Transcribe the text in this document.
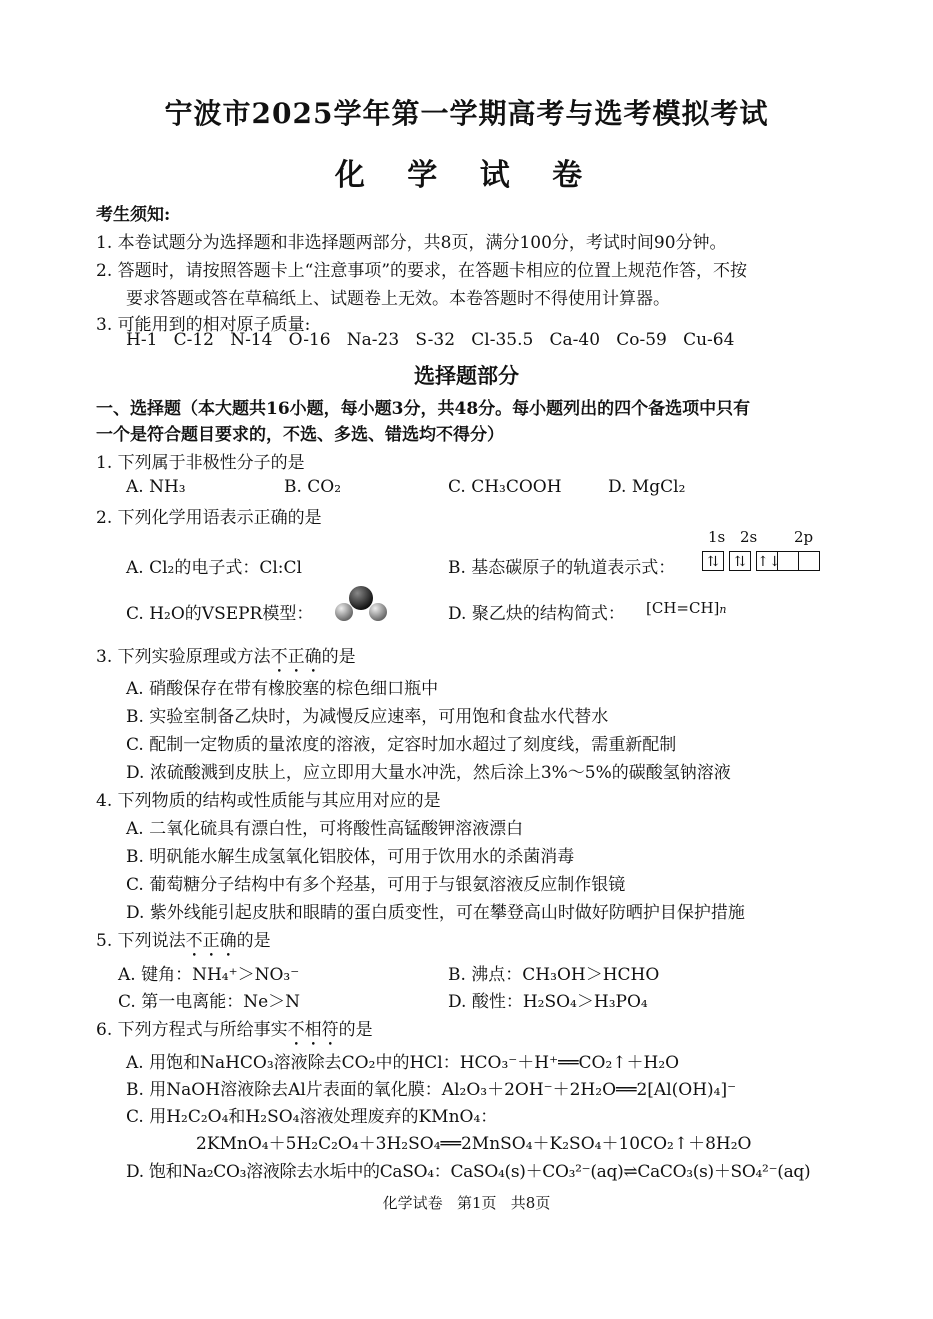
宁波市2025学年第一学期高考与选考模拟考试
化 学 试 卷
考生须知:
1. 本卷试题分为选择题和非选择题两部分，共8页，满分100分，考试时间90分钟。
2. 答题时，请按照答题卡上“注意事项”的要求，在答题卡相应的位置上规范作答，不按
要求答题或答在草稿纸上、试题卷上无效。本卷答题时不得使用计算器。
3. 可能用到的相对原子质量:
H-1   C-12   N-14   O-16   Na-23   S-32   Cl-35.5   Ca-40   Co-59   Cu-64
选择题部分
一、选择题（本大题共16小题，每小题3分，共48分。每小题列出的四个备选项中只有
一个是符合题目要求的，不选、多选、错选均不得分）
1. 下列属于非极性分子的是
A. NH₃	B. CO₂	C. CH₃COOH	D. MgCl₂
2. 下列化学用语表示正确的是
1s 2s 2p
A. Cl₂的电子式：Cl:Cl	B. 基态碳原子的轨道表示式： ⇅ ⇅ ↑↓
C. H₂O的VSEPR模型：	D. 聚乙炔的结构简式： [CH=CH]n
3. 下列实验原理或方法不正确的是
A. 硝酸保存在带有橡胶塞的棕色细口瓶中
B. 实验室制备乙炔时，为减慢反应速率，可用饱和食盐水代替水
C. 配制一定物质的量浓度的溶液，定容时加水超过了刻度线，需重新配制
D. 浓硫酸溅到皮肤上，应立即用大量水冲洗，然后涂上3%～5%的碳酸氢钠溶液
4. 下列物质的结构或性质能与其应用对应的是
A. 二氧化硫具有漂白性，可将酸性高锰酸钾溶液漂白
B. 明矾能水解生成氢氧化铝胶体，可用于饮用水的杀菌消毒
C. 葡萄糖分子结构中有多个羟基，可用于与银氨溶液反应制作银镜
D. 紫外线能引起皮肤和眼睛的蛋白质变性，可在攀登高山时做好防晒护目保护措施
5. 下列说法不正确的是
A. 键角：NH₄⁺＞NO₃⁻	B. 沸点：CH₃OH＞HCHO
C. 第一电离能：Ne＞N	D. 酸性：H₂SO₄＞H₃PO₄
6. 下列方程式与所给事实不相符的是
A. 用饱和NaHCO₃溶液除去CO₂中的HCl：HCO₃⁻＋H⁺══CO₂↑＋H₂O
B. 用NaOH溶液除去Al片表面的氧化膜：Al₂O₃＋2OH⁻＋2H₂O══2[Al(OH)₄]⁻
C. 用H₂C₂O₄和H₂SO₄溶液处理废弃的KMnO₄：
2KMnO₄＋5H₂C₂O₄＋3H₂SO₄══2MnSO₄＋K₂SO₄＋10CO₂↑＋8H₂O
D. 饱和Na₂CO₃溶液除去水垢中的CaSO₄：CaSO₄(s)＋CO₃²⁻(aq)⇌CaCO₃(s)＋SO₄²⁻(aq)
化学试卷   第1页   共8页
